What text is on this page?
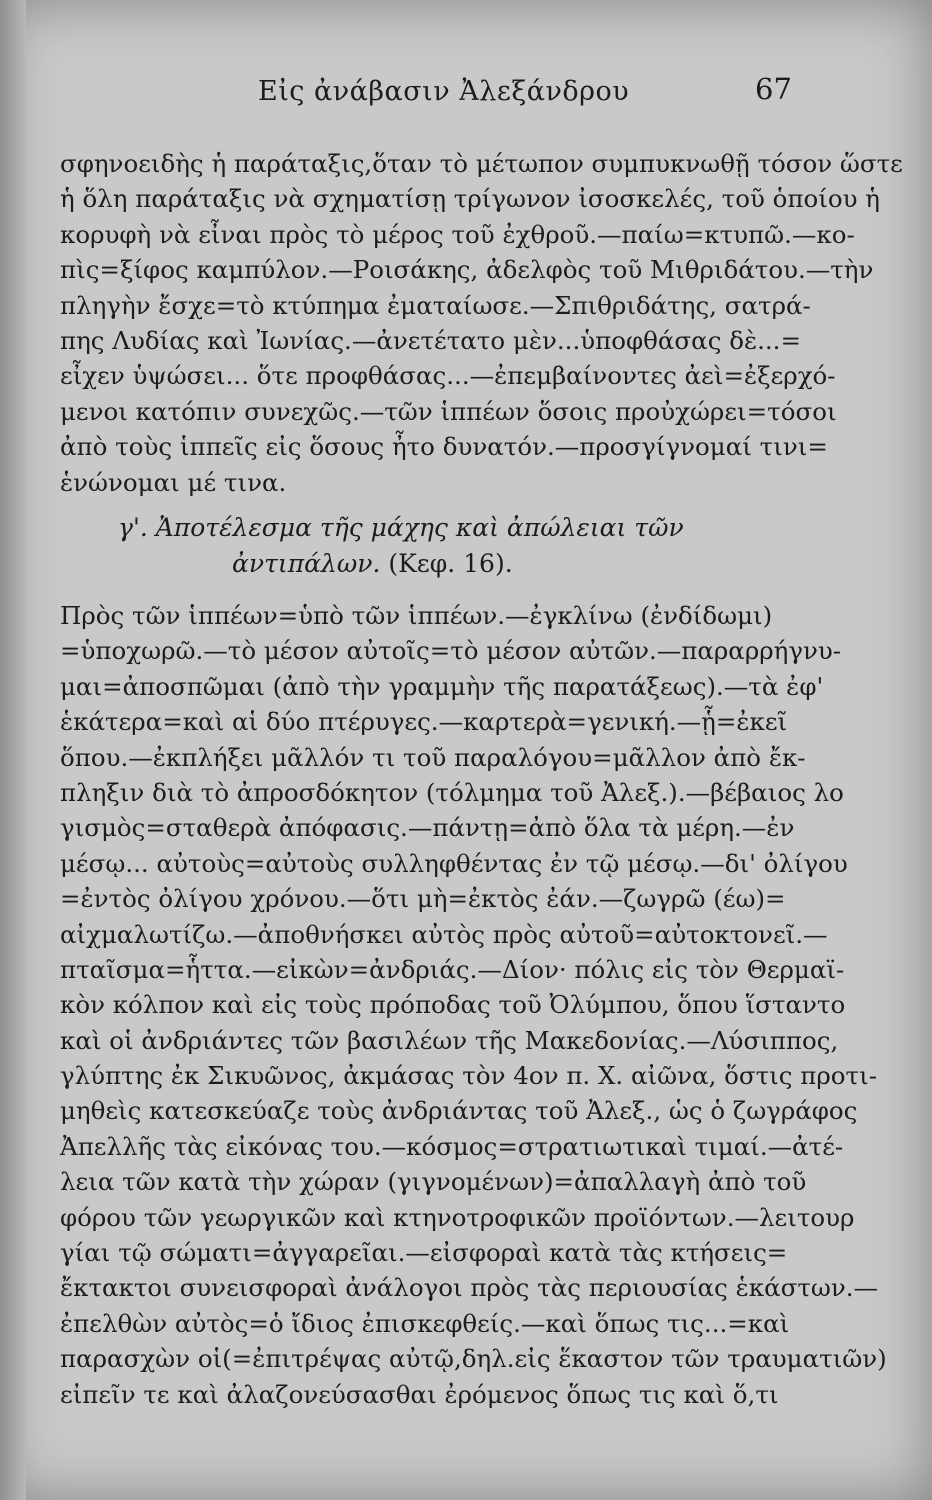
Εἰς ἀνάβασιν Ἀλεξάνδρου	67
σφηνοειδὴς ἡ παράταξις,ὅταν τὸ μέτωπον συμπυκνωθῇ τόσον ὥστε
ἡ ὅλη παράταξις νὰ σχηματίσῃ τρίγωνον ἰσοσκελές, τοῦ ὁποίου ἡ
κορυφὴ νὰ εἶναι πρὸς τὸ μέρος τοῦ ἐχθροῦ.—παίω=κτυπῶ.—κο-
πὶς=ξίφος καμπύλον.—Ροισάκης, ἀδελφὸς τοῦ Μιθριδάτου.—τὴν
πληγὴν ἔσχε=τὸ κτύπημα ἐματαίωσε.—Σπιθριδάτης, σατρά-
πης Λυδίας καὶ Ἰωνίας.—ἀνετέτατο μὲν...ὑποφθάσας δὲ...=
εἶχεν ὑψώσει... ὅτε προφθάσας...—ἐπεμβαίνοντες ἀεὶ=ἐξερχό-
μενοι κατόπιν συνεχῶς.—τῶν ἱππέων ὅσοις προὐχώρει=τόσοι
ἀπὸ τοὺς ἱππεῖς εἰς ὅσους ἦτο δυνατόν.—προσγίγνομαί τινι=
ἑνώνομαι μέ τινα.
γ'. Ἀποτέλεσμα τῆς μάχης καὶ ἀπώλειαι τῶν
ἀντιπάλων. (Κεφ. 16).
Πρὸς τῶν ἱππέων=ὑπὸ τῶν ἱππέων.—ἐγκλίνω (ἐνδίδωμι)
=ὑποχωρῶ.—τὸ μέσον αὐτοῖς=τὸ μέσον αὐτῶν.—παραρρήγνυ-
μαι=ἀποσπῶμαι (ἀπὸ τὴν γραμμὴν τῆς παρατάξεως).—τὰ ἐφ'
ἑκάτερα=καὶ αἱ δύο πτέρυγες.—καρτερὰ=γενική.—ᾗ=ἐκεῖ
ὅπου.—ἐκπλήξει μᾶλλόν τι τοῦ παραλόγου=μᾶλλον ἀπὸ ἔκ-
πληξιν διὰ τὸ ἀπροσδόκητον (τόλμημα τοῦ Ἀλεξ.).—βέβαιος λο
γισμὸς=σταθερὰ ἀπόφασις.—πάντῃ=ἀπὸ ὅλα τὰ μέρη.—ἐν
μέσῳ... αὐτοὺς=αὐτοὺς συλληφθέντας ἐν τῷ μέσῳ.—δι' ὀλίγου
=ἐντὸς ὀλίγου χρόνου.—ὅτι μὴ=ἐκτὸς ἐάν.—ζωγρῶ (έω)=
αἰχμαλωτίζω.—ἀποθνήσκει αὐτὸς πρὸς αὐτοῦ=αὐτοκτονεῖ.—
πταῖσμα=ἧττα.—εἰκὼν=ἀνδριάς.—Δίον· πόλις εἰς τὸν Θερμαϊ-
κὸν κόλπον καὶ εἰς τοὺς πρόποδας τοῦ Ὀλύμπου, ὅπου ἵσταντο
καὶ οἱ ἀνδριάντες τῶν βασιλέων τῆς Μακεδονίας.—Λύσιππος,
γλύπτης ἐκ Σικυῶνος, ἀκμάσας τὸν 4ον π. Χ. αἰῶνα, ὅστις προτι-
μηθεὶς κατεσκεύαζε τοὺς ἀνδριάντας τοῦ Ἀλεξ., ὡς ὁ ζωγράφος
Ἀπελλῆς τὰς εἰκόνας του.—κόσμος=στρατιωτικαὶ τιμαί.—ἀτέ-
λεια τῶν κατὰ τὴν χώραν (γιγνομένων)=ἀπαλλαγὴ ἀπὸ τοῦ
φόρου τῶν γεωργικῶν καὶ κτηνοτροφικῶν προϊόντων.—λειτουρ
γίαι τῷ σώματι=ἀγγαρεῖαι.—εἰσφοραὶ κατὰ τὰς κτήσεις=
ἔκτακτοι συνεισφοραὶ ἀνάλογοι πρὸς τὰς περιουσίας ἑκάστων.—
ἐπελθὼν αὐτὸς=ὁ ἴδιος ἐπισκεφθείς.—καὶ ὅπως τις...=καὶ
παρασχὼν οἱ(=ἐπιτρέψας αὐτῷ,δηλ.εἰς ἕκαστον τῶν τραυματιῶν)
εἰπεῖν τε καὶ ἀλαζονεύσασθαι ἐρόμενος ὅπως τις καὶ ὅ,τι
